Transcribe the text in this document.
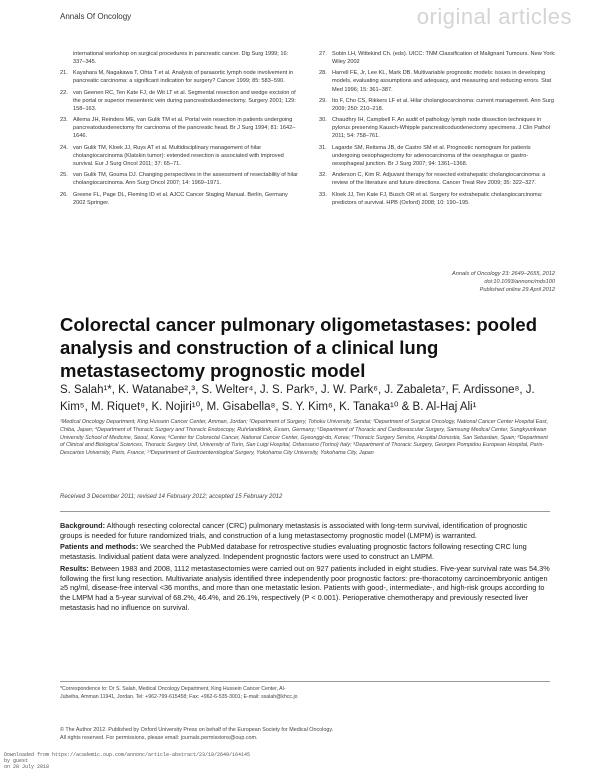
Annals Of Oncology	original articles
international workshop on surgical procedures in pancreatic cancer. Dig Surg 1999; 16: 337–345.
21. Kayahara M, Nagakawa T, Ohta T et al. Analysis of paraaortic lymph node involvement in pancreatic carcinoma: a significant indication for surgery? Cancer 1999; 85: 583–590.
22. van Geenen RC, Ten Kate FJ, de Wit LT et al. Segmental resection and wedge excision of the portal or superior mesenteric vein during pancreatoduodenectomy. Surgery 2001; 129: 158–163.
23. Allema JH, Reinders ME, van Gulik TM et al. Portal vein resection in patients undergoing pancreatoduodenectomy for carcinoma of the pancreatic head. Br J Surg 1994; 81: 1642–1646.
24. van Gulik TM, Kloek JJ, Ruys AT et al. Multidisciplinary management of hilar cholangiocarcinoma (Klatskin tumor): extended resection is associated with improved survival. Eur J Surg Oncol 2011; 37: 65–71.
25. van Gulik TM, Gouma DJ. Changing perspectives in the assessment of resectability of hilar cholangiocarcinoma. Ann Surg Oncol 2007; 14: 1969–1971.
26. Greene FL, Page DL, Fleming ID et al. AJCC Cancer Staging Manual. Berlin, Germany 2002 Springer.
27. Sobin LH, Wittekind Ch. (eds). UICC: TNM Classification of Malignant Tumours. New York: Wiley 2002
28. Harrell FE, Jr, Lee KL, Mark DB. Multivariable prognostic models: issues in developing models, evaluating assumptions and adequacy, and measuring and reducing errors. Stat Med 1996; 15: 361–387.
29. Ito F, Cho CS, Rikkers LF et al. Hilar cholangiocarcinoma: current management. Ann Surg 2009; 250: 210–218.
30. Chaudhry IH, Campbell F. An audit of pathology lymph node dissection techniques in pylorus preserving Kausch-Whipple pancreaticoduodenectomy specimens. J Clin Pathol 2011; 54: 758–761.
31. Lagarde SM, Reitsma JB, de Castro SM et al. Prognostic nomogram for patients undergoing oesophagectomy for adenocarcinoma of the oesophagus or gastro-oesophageal junction. Br J Surg 2007; 94: 1361–1368.
32. Anderson C, Kim R. Adjuvant therapy for resected extrahepatic cholangiocarcinoma: a review of the literature and future directions. Cancer Treat Rev 2009; 35: 322–327.
33. Kloek JJ, Ten Kate FJ, Busch OR et al. Surgery for extrahepatic cholangiocarcinoma: predictors of survival. HPB (Oxford) 2008; 10: 190–195.
Annals of Oncology 23: 2649–2655, 2012
doi:10.1093/annonc/mds100
Published online 29 April 2012
Colorectal cancer pulmonary oligometastases: pooled analysis and construction of a clinical lung metastasectomy prognostic model
S. Salah¹*, K. Watanabe²,³, S. Welter⁴, J. S. Park⁵, J. W. Park⁶, J. Zabaleta⁷, F. Ardissone⁸, J. Kim⁵, M. Riquet⁹, K. Nojiri¹⁰, M. Gisabella⁸, S. Y. Kim⁶, K. Tanaka¹⁰ & B. Al-Haj Ali¹
¹Medical Oncology Department, King Hussein Cancer Center, Amman, Jordan; ²Department of Surgery, Tohoku University, Sendai; ³Department of Surgical Oncology, National Cancer Center Hospital East, Chiba, Japan; ⁴Department of Thoracic Surgery and Thoracic Endoscopy, Ruhrlandklinik, Essen, Germany; ⁵Department of Thoracic and Cardiovascular Surgery, Samsung Medical Center, Sungkyunkwan University School of Medicine, Seoul, Korea; ⁶Center for Colorectal Cancer, National Cancer Center, Gyeonggi-do, Korea; ⁷Thoracic Surgery Service, Hospital Donostia, San Sebastian, Spain; ⁸Department of Clinical and Biological Sciences, Thoracic Surgery Unit, University of Turin, San Luigi Hospital, Orbassano (Torino) Italy; ⁹Department of Thoracic Surgery, Georges Pompidou European Hospital, Paris-Descartes University, Paris, France; ¹⁰Department of Gastroenterological Surgery, Yokohama City University, Yokohama City, Japan
Received 3 December 2011; revised 14 February 2012; accepted 15 February 2012

Background: Although resecting colorectal cancer (CRC) pulmonary metastasis is associated with long-term survival, identification of prognostic groups is needed for future randomized trials, and construction of a lung metastasectomy prognostic model (LMPM) is warranted.

Patients and methods: We searched the PubMed database for retrospective studies evaluating prognostic factors following resecting CRC lung metastasis. Individual patient data were analyzed. Independent prognostic factors were used to construct an LMPM.

Results: Between 1983 and 2008, 1112 metastasectomies were carried out on 927 patients included in eight studies. Five-year survival rate was 54.3% following the first lung resection. Multivariate analysis identified three independently poor prognostic factors: pre-thoracotomy carcinoembryonic antigen ≥5 ng/ml, disease-free interval <36 months, and more than one metastatic lesion. Patients with good-, intermediate-, and high-risk groups according to the LMPM had a 5-year survival of 68.2%, 46.4%, and 26.1%, respectively (P < 0.001). Perioperative chemotherapy and previously resected liver metastasis had no influence on survival.

*Correspondence to: Dr S. Salah, Medical Oncology Department, King Hussein Cancer Center, Al-Jubeiha, Amman 11941, Jordan. Tel: +962-799-615458; Fax: +962-6-535-3001; E-mail: ssalah@khcc.jo
© The Author 2012. Published by Oxford University Press on behalf of the European Society for Medical Oncology.
All rights reserved. For permissions, please email: journals.permissions@oup.com.
Downloaded from https://academic.oup.com/annonc/article-abstract/23/10/2649/164145
by guest
on 28 July 2018
